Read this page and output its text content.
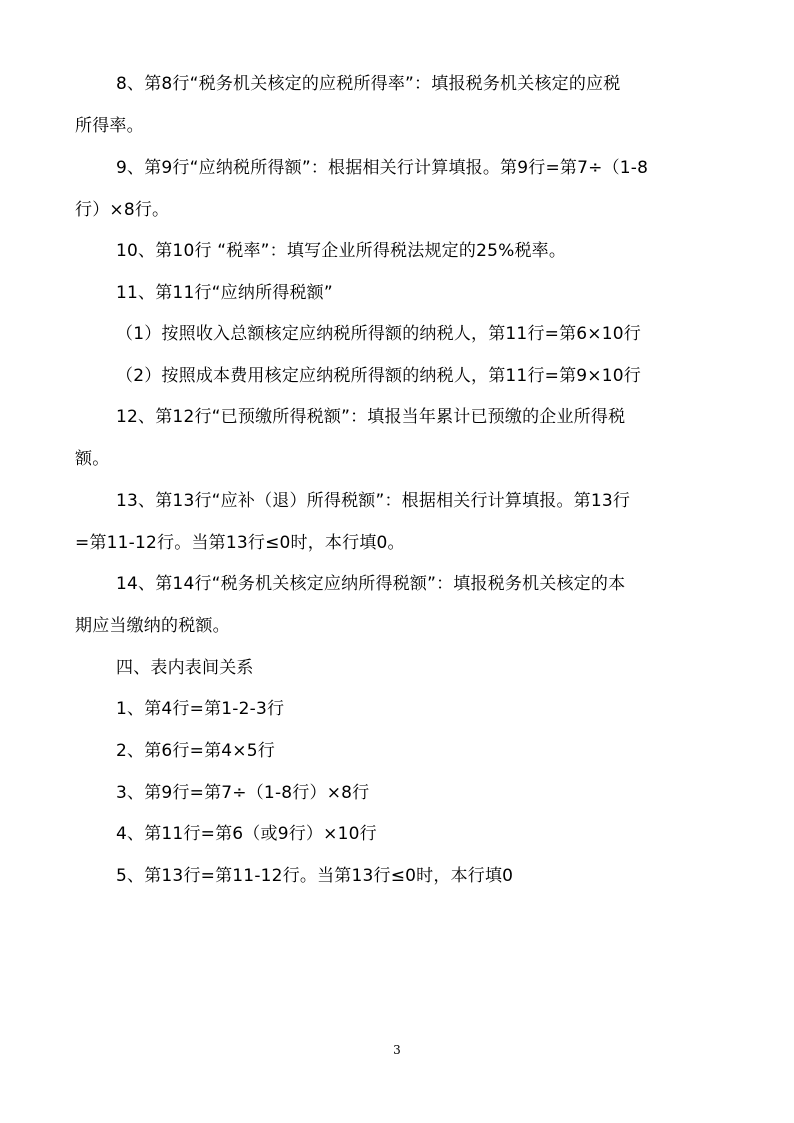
8、第8行“税务机关核定的应税所得率”：填报税务机关核定的应税
所得率。
9、第9行“应纳税所得额”：根据相关行计算填报。第9行=第7÷（1-8
行）×8行。
10、第10行 “税率”：填写企业所得税法规定的25%税率。
11、第11行“应纳所得税额”
（1）按照收入总额核定应纳税所得额的纳税人，第11行=第6×10行
（2）按照成本费用核定应纳税所得额的纳税人，第11行=第9×10行
12、第12行“已预缴所得税额”：填报当年累计已预缴的企业所得税
额。
13、第13行“应补（退）所得税额”：根据相关行计算填报。第13行
=第11-12行。当第13行≤0时，本行填0。
14、第14行“税务机关核定应纳所得税额”：填报税务机关核定的本
期应当缴纳的税额。
四、表内表间关系
1、第4行=第1-2-3行
2、第6行=第4×5行
3、第9行=第7÷（1-8行）×8行
4、第11行=第6（或9行）×10行
5、第13行=第11-12行。当第13行≤0时，本行填0
3
